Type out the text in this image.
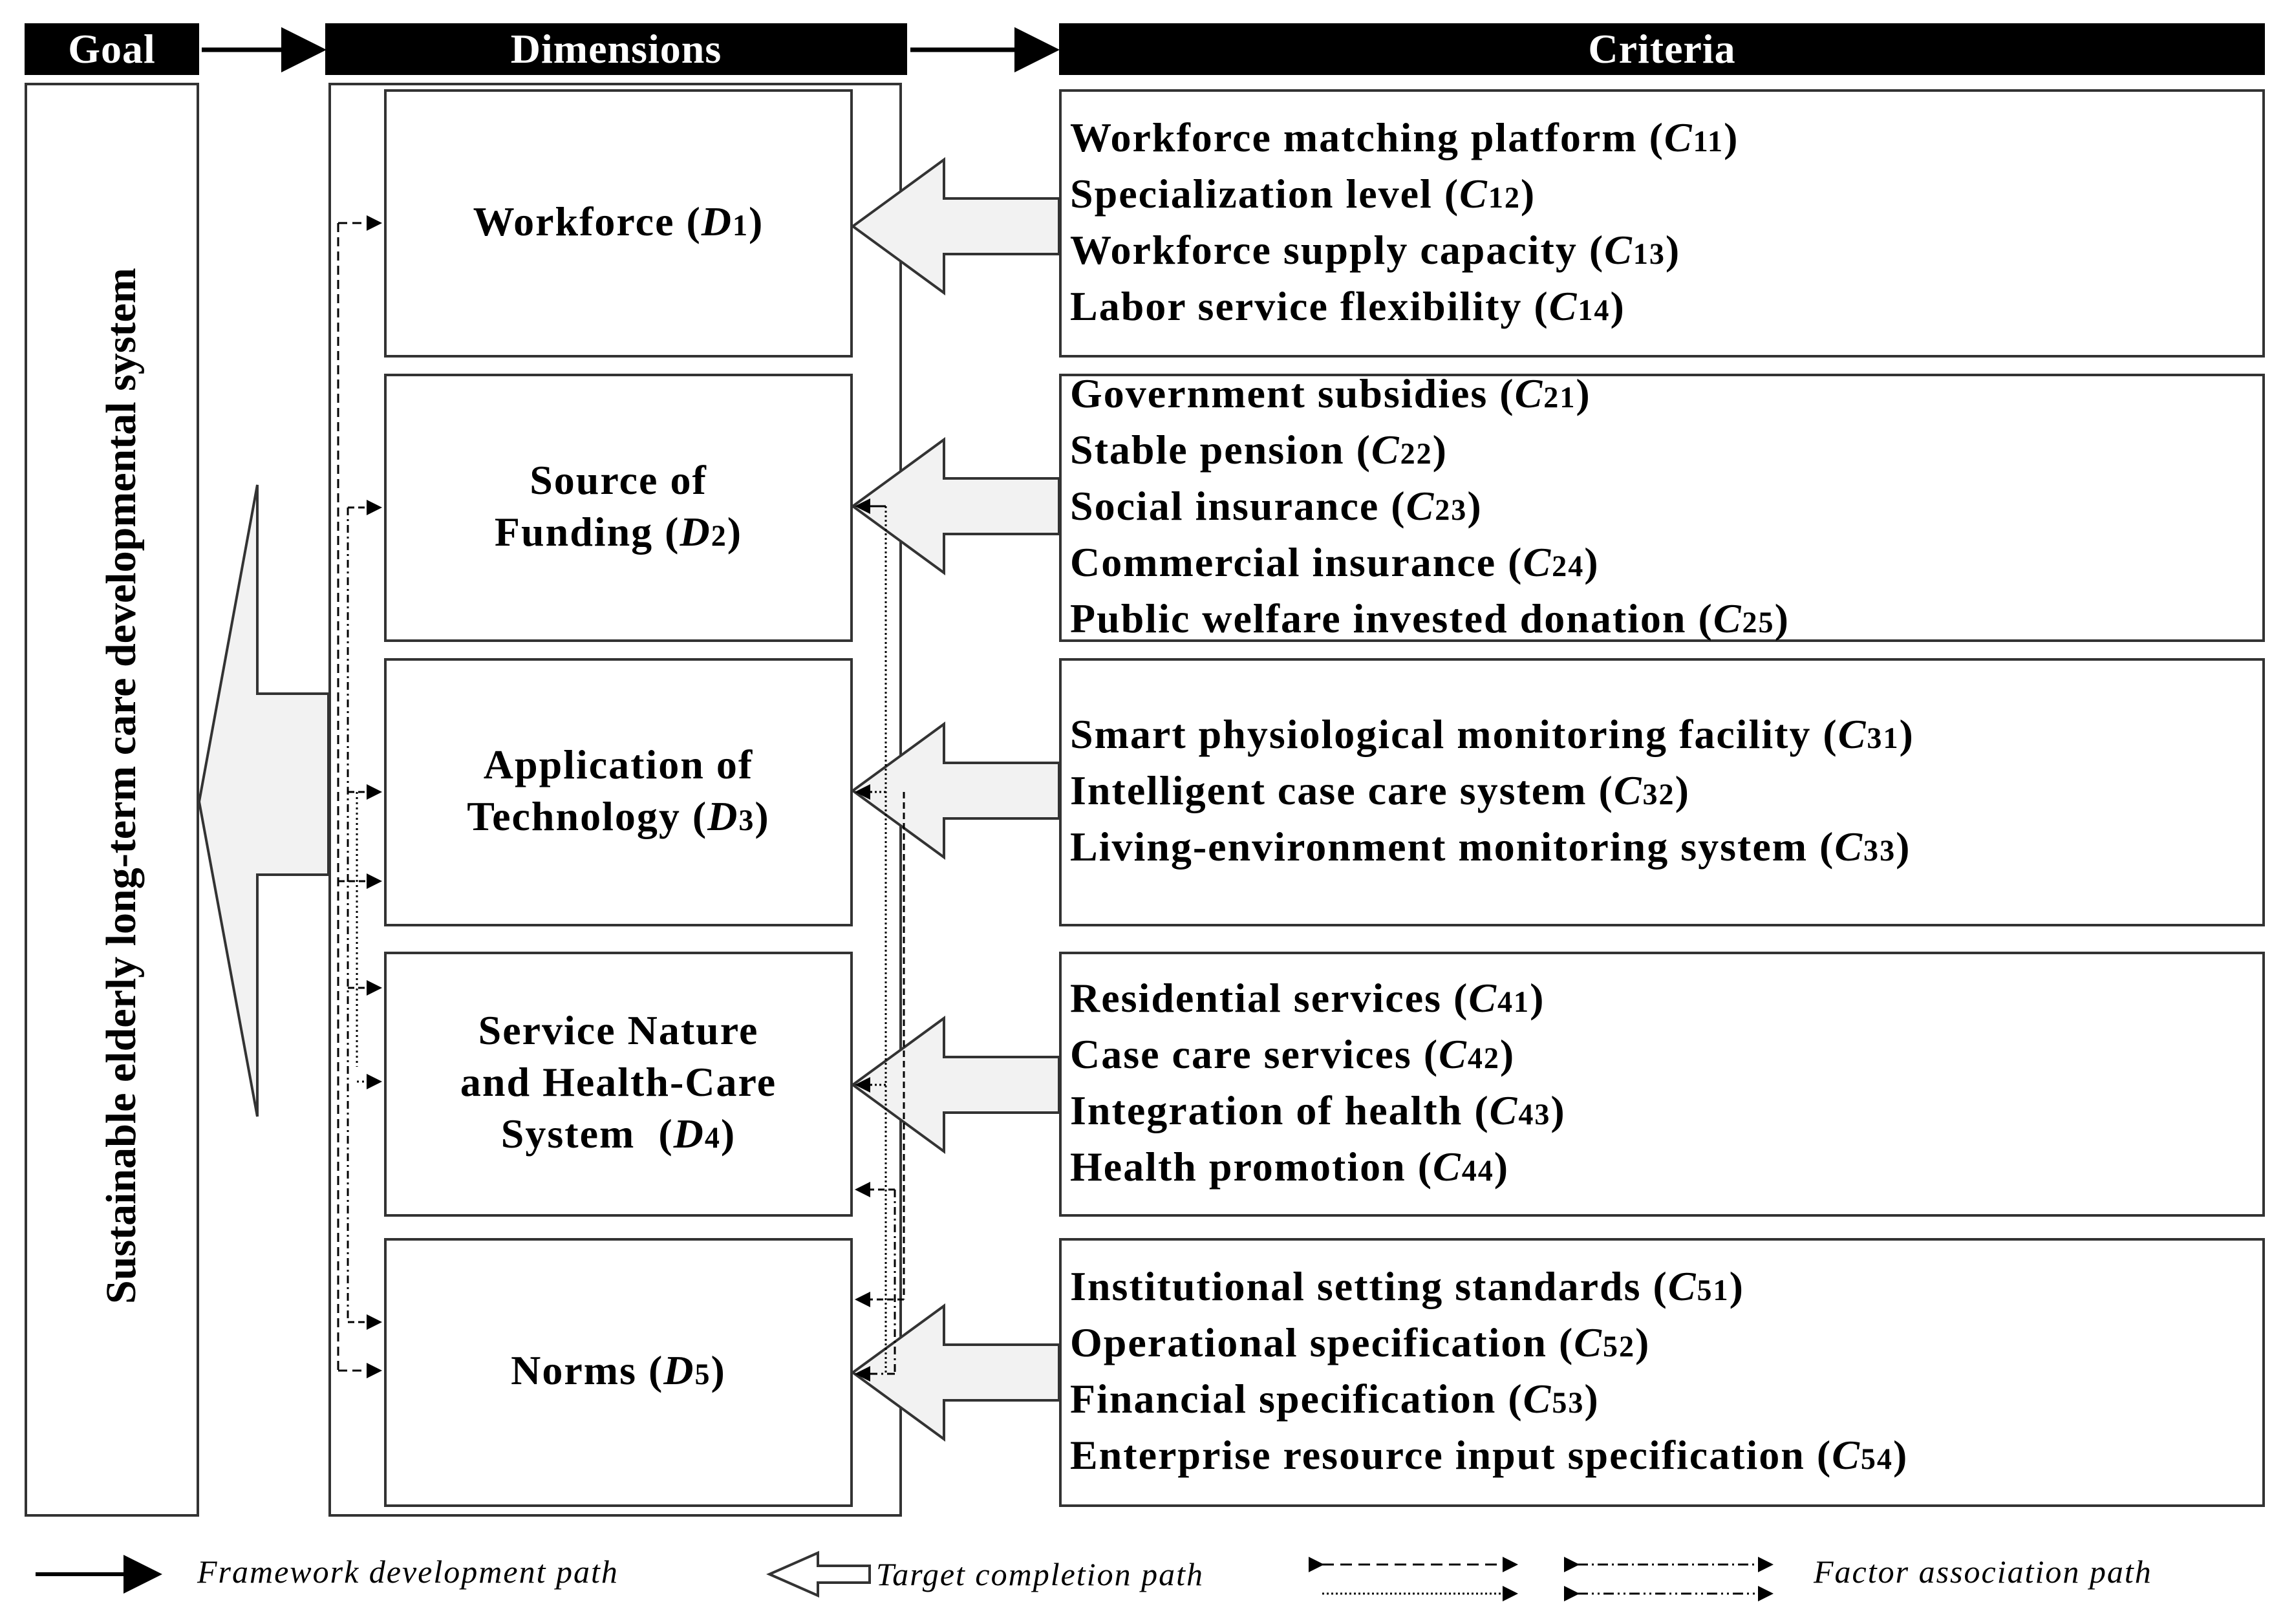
Goal	Dimensions	Criteria
Sustainable elderly long-term care developmental system
Workforce (D1)
Source of
Funding (D2)
Application of
Technology (D3)
Service Nature
and Health-Care
System  (D4)
Norms (D5)
Workforce matching platform (C11)
Specialization level (C12)
Workforce supply capacity (C13)
Labor service flexibility (C14)
Government subsidies (C21)
Stable pension (C22)
Social insurance (C23)
Commercial insurance (C24)
Public welfare invested donation (C25)
Smart physiological monitoring facility (C31)
Intelligent case care system (C32)
Living-environment monitoring system (C33)
Residential services (C41)
Case care services (C42)
Integration of health (C43)
Health promotion (C44)
Institutional setting standards (C51)
Operational specification (C52)
Financial specification (C53)
Enterprise resource input specification (C54)
Framework development path	Target completion path	Factor association path
